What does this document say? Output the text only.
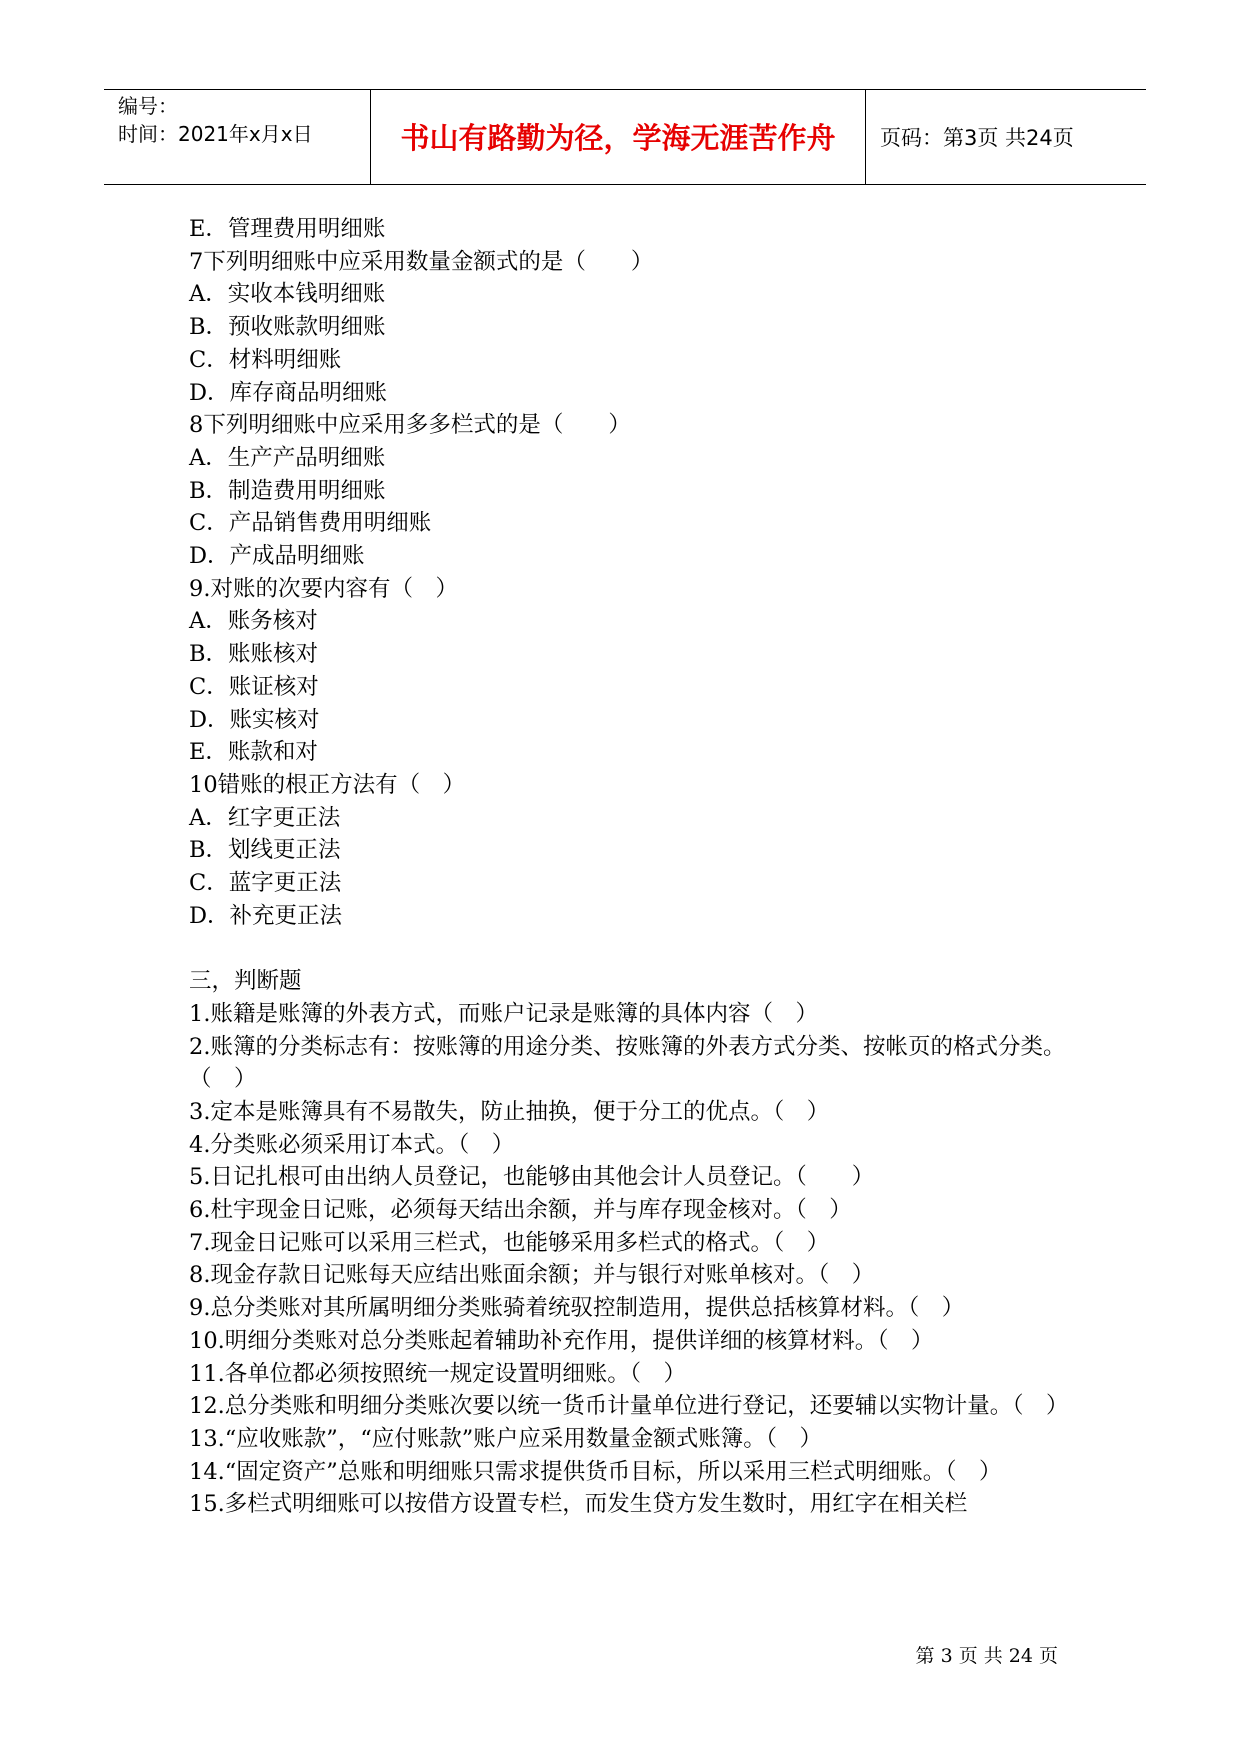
编号：
时间：2021年x月x日	书山有路勤为径，学海无涯苦作舟	页码：第3页 共24页
E．管理费用明细账
7下列明细账中应采用数量金额式的是（　　）
A．实收本钱明细账
B．预收账款明细账
C．材料明细账
D．库存商品明细账
8下列明细账中应采用多多栏式的是（　　）
A．生产产品明细账
B．制造费用明细账
C．产品销售费用明细账
D．产成品明细账
9.对账的次要内容有（　）
A．账务核对
B．账账核对
C．账证核对
D．账实核对
E．账款和对
10错账的根正方法有（　）
A．红字更正法
B．划线更正法
C．蓝字更正法
D．补充更正法
三，判断题
1.账籍是账簿的外表方式，而账户记录是账簿的具体内容（　）
2.账簿的分类标志有：按账簿的用途分类、按账簿的外表方式分类、按帐页的格式分类。（　）
3.定本是账簿具有不易散失，防止抽换，便于分工的优点。（　）
4.分类账必须采用订本式。（　）
5.日记扎根可由出纳人员登记，也能够由其他会计人员登记。（　　）
6.杜宇现金日记账，必须每天结出余额，并与库存现金核对。（　）
7.现金日记账可以采用三栏式，也能够采用多栏式的格式。（　）
8.现金存款日记账每天应结出账面余额；并与银行对账单核对。（　）
9.总分类账对其所属明细分类账骑着统驭控制造用，提供总括核算材料。（　）
10.明细分类账对总分类账起着辅助补充作用，提供详细的核算材料。（　）
11.各单位都必须按照统一规定设置明细账。（　）
12.总分类账和明细分类账次要以统一货币计量单位进行登记，还要辅以实物计量。（　）
13.“应收账款”，“应付账款”账户应采用数量金额式账簿。（　）
14.“固定资产”总账和明细账只需求提供货币目标，所以采用三栏式明细账。（　）
15.多栏式明细账可以按借方设置专栏，而发生贷方发生数时，用红字在相关栏
第 3 页 共 24 页
